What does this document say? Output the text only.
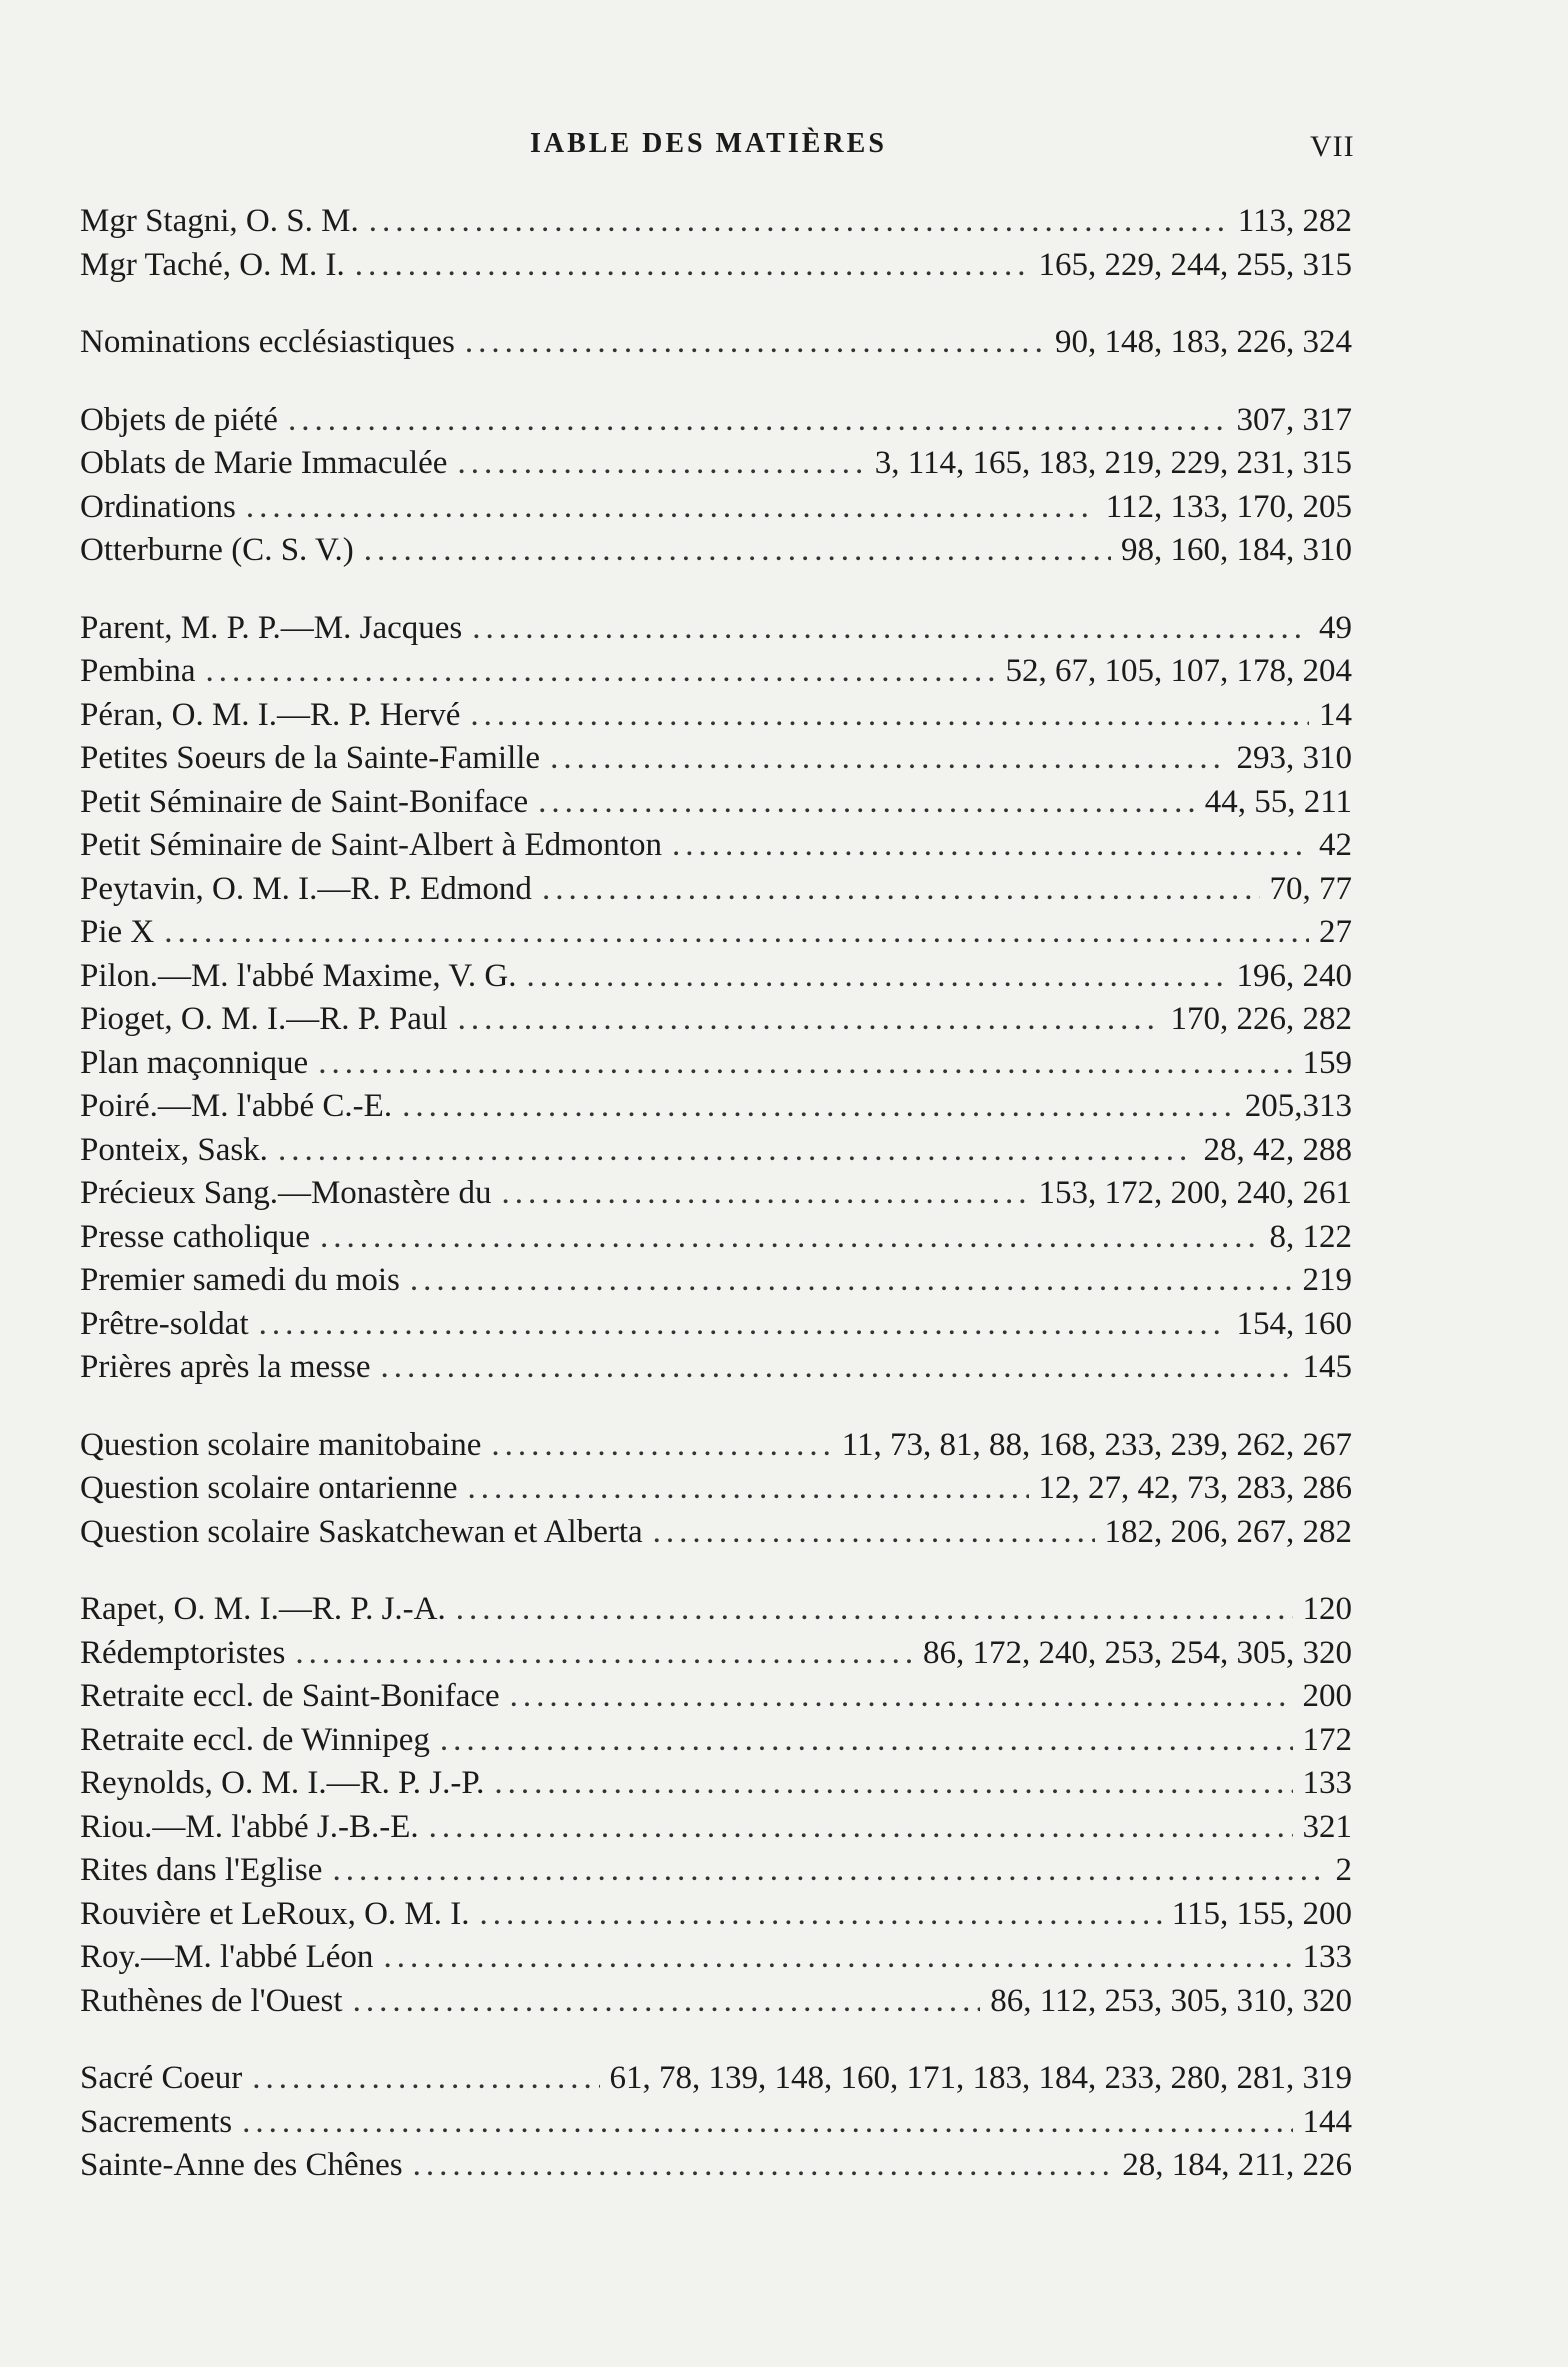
IABLE DES MATIÈRES	VII
Mgr Stagni, O. S. M. .....	113, 282
Mgr Taché, O. M. I. .....	165, 229, 244, 255, 315
Nominations ecclésiastiques .....	90, 148, 183, 226, 324
Objets de piété .....	307, 317
Oblats de Marie Immaculée .....	3, 114, 165, 183, 219, 229, 231, 315
Ordinations .....	112, 133, 170, 205
Otterburne (C. S. V.) .....	98, 160, 184, 310
Parent, M. P. P.—M. Jacques .....	49
Pembina .....	52, 67, 105, 107, 178, 204
Péran, O. M. I.—R. P. Hervé .....	14
Petites Soeurs de la Sainte-Famille .....	293, 310
Petit Séminaire de Saint-Boniface .....	44, 55, 211
Petit Séminaire de Saint-Albert à Edmonton .....	42
Peytavin, O. M. I.—R. P. Edmond .....	70, 77
Pie X .....	27
Pilon.—M. l'abbé Maxime, V. G. .....	196, 240
Pioget, O. M. I.—R. P. Paul .....	170, 226, 282
Plan maçonnique .....	159
Poiré.—M. l'abbé C.-E. .....	205,313
Ponteix, Sask. .....	28, 42, 288
Précieux Sang.—Monastère du .....	153, 172, 200, 240, 261
Presse catholique .....	8, 122
Premier samedi du mois .....	219
Prêtre-soldat .....	154, 160
Prières après la messe .....	145
Question scolaire manitobaine .....	11, 73, 81, 88, 168, 233, 239, 262, 267
Question scolaire ontarienne .....	12, 27, 42, 73, 283, 286
Question scolaire Saskatchewan et Alberta .....	182, 206, 267, 282
Rapet, O. M. I.—R. P. J.-A. .....	120
Rédemptoristes .....	86, 172, 240, 253, 254, 305, 320
Retraite eccl. de Saint-Boniface .....	200
Retraite eccl. de Winnipeg .....	172
Reynolds, O. M. I.—R. P. J.-P. .....	133
Riou.—M. l'abbé J.-B.-E. .....	321
Rites dans l'Eglise .....	2
Rouvière et LeRoux, O. M. I. .....	115, 155, 200
Roy.—M. l'abbé Léon .....	133
Ruthènes de l'Ouest .....	86, 112, 253, 305, 310, 320
Sacré Coeur .....	61, 78, 139, 148, 160, 171, 183, 184, 233, 280, 281, 319
Sacrements .....	144
Sainte-Anne des Chênes .....	28, 184, 211, 226
